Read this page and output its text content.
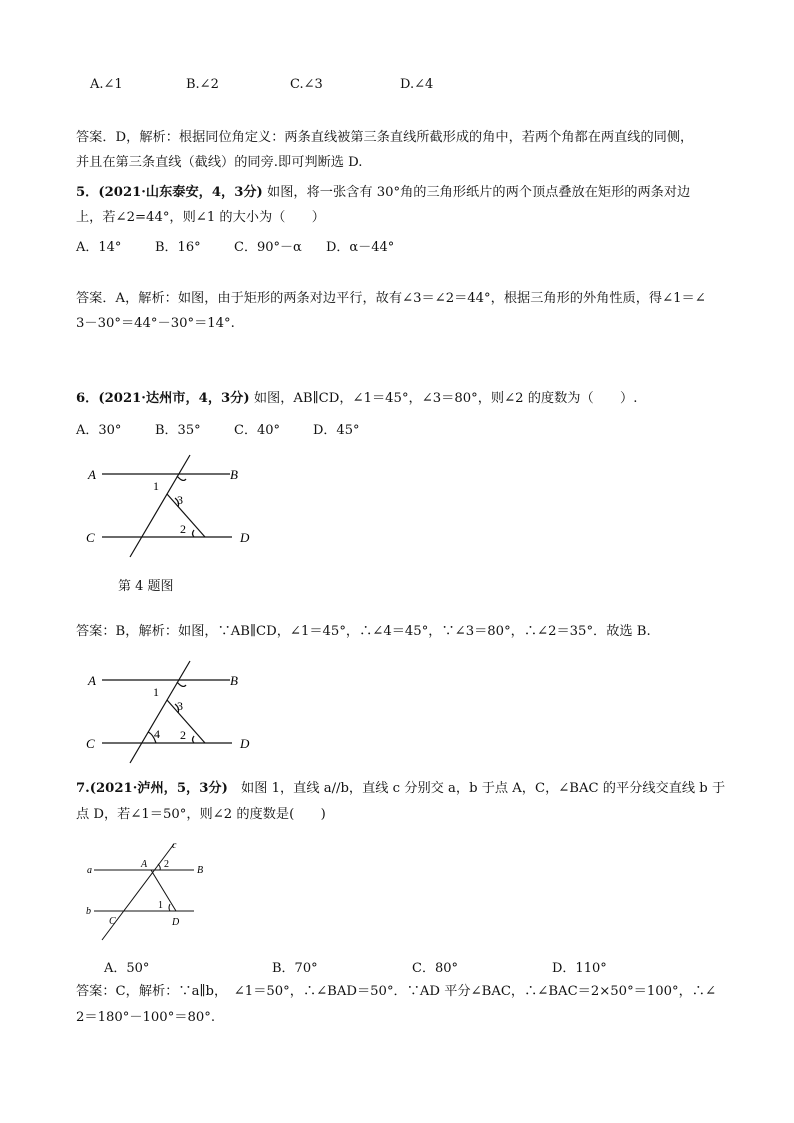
A.∠1	B.∠2	C.∠3	D.∠4
答案．D，解析：根据同位角定义：两条直线被第三条直线所截形成的角中，若两个角都在两直线的同侧，
并且在第三条直线（截线）的同旁.即可判断选 D.
5．(2021·山东泰安，4，3分) 如图，将一张含有 30°角的三角形纸片的两个顶点叠放在矩形的两条对边
上，若∠2=44°，则∠1 的大小为（　　）
A．14°	B．16°	C．90°－α D．α－44°
答案．A，解析：如图，由于矩形的两条对边平行，故有∠3＝∠2＝44°，根据三角形的外角性质，得∠1＝∠
3－30°＝44°－30°＝14°.
6．(2021·达州市，4，3分) 如图，AB∥CD，∠1＝45°，∠3＝80°，则∠2 的度数为（　　）.
A．30°	B．35°	C．40°	D．45°
A	B
C	D
1
3
2
第 4 题图
答案：B，解析：如图，∵AB∥CD，∠1＝45°，∴∠4＝45°，∵∠3＝80°，∴∠2＝35°．故选 B.
A	B
C	D
1
3
2
4
7.(2021·泸州，5，3分)　如图 1，直线 a//b，直线 c 分别交 a，b 于点 A，C，∠BAC 的平分线交直线 b 于
点 D，若∠1＝50°，则∠2 的度数是(　　)
c
a
b
A
B
C	D
1
2
A．50°	B．70°	C．80°	D．110°
答案：C，解析：∵a∥b，　∠1＝50°，∴∠BAD＝50°．∵AD 平分∠BAC，∴∠BAC＝2×50°＝100°，∴∠
2＝180°－100°＝80°.
